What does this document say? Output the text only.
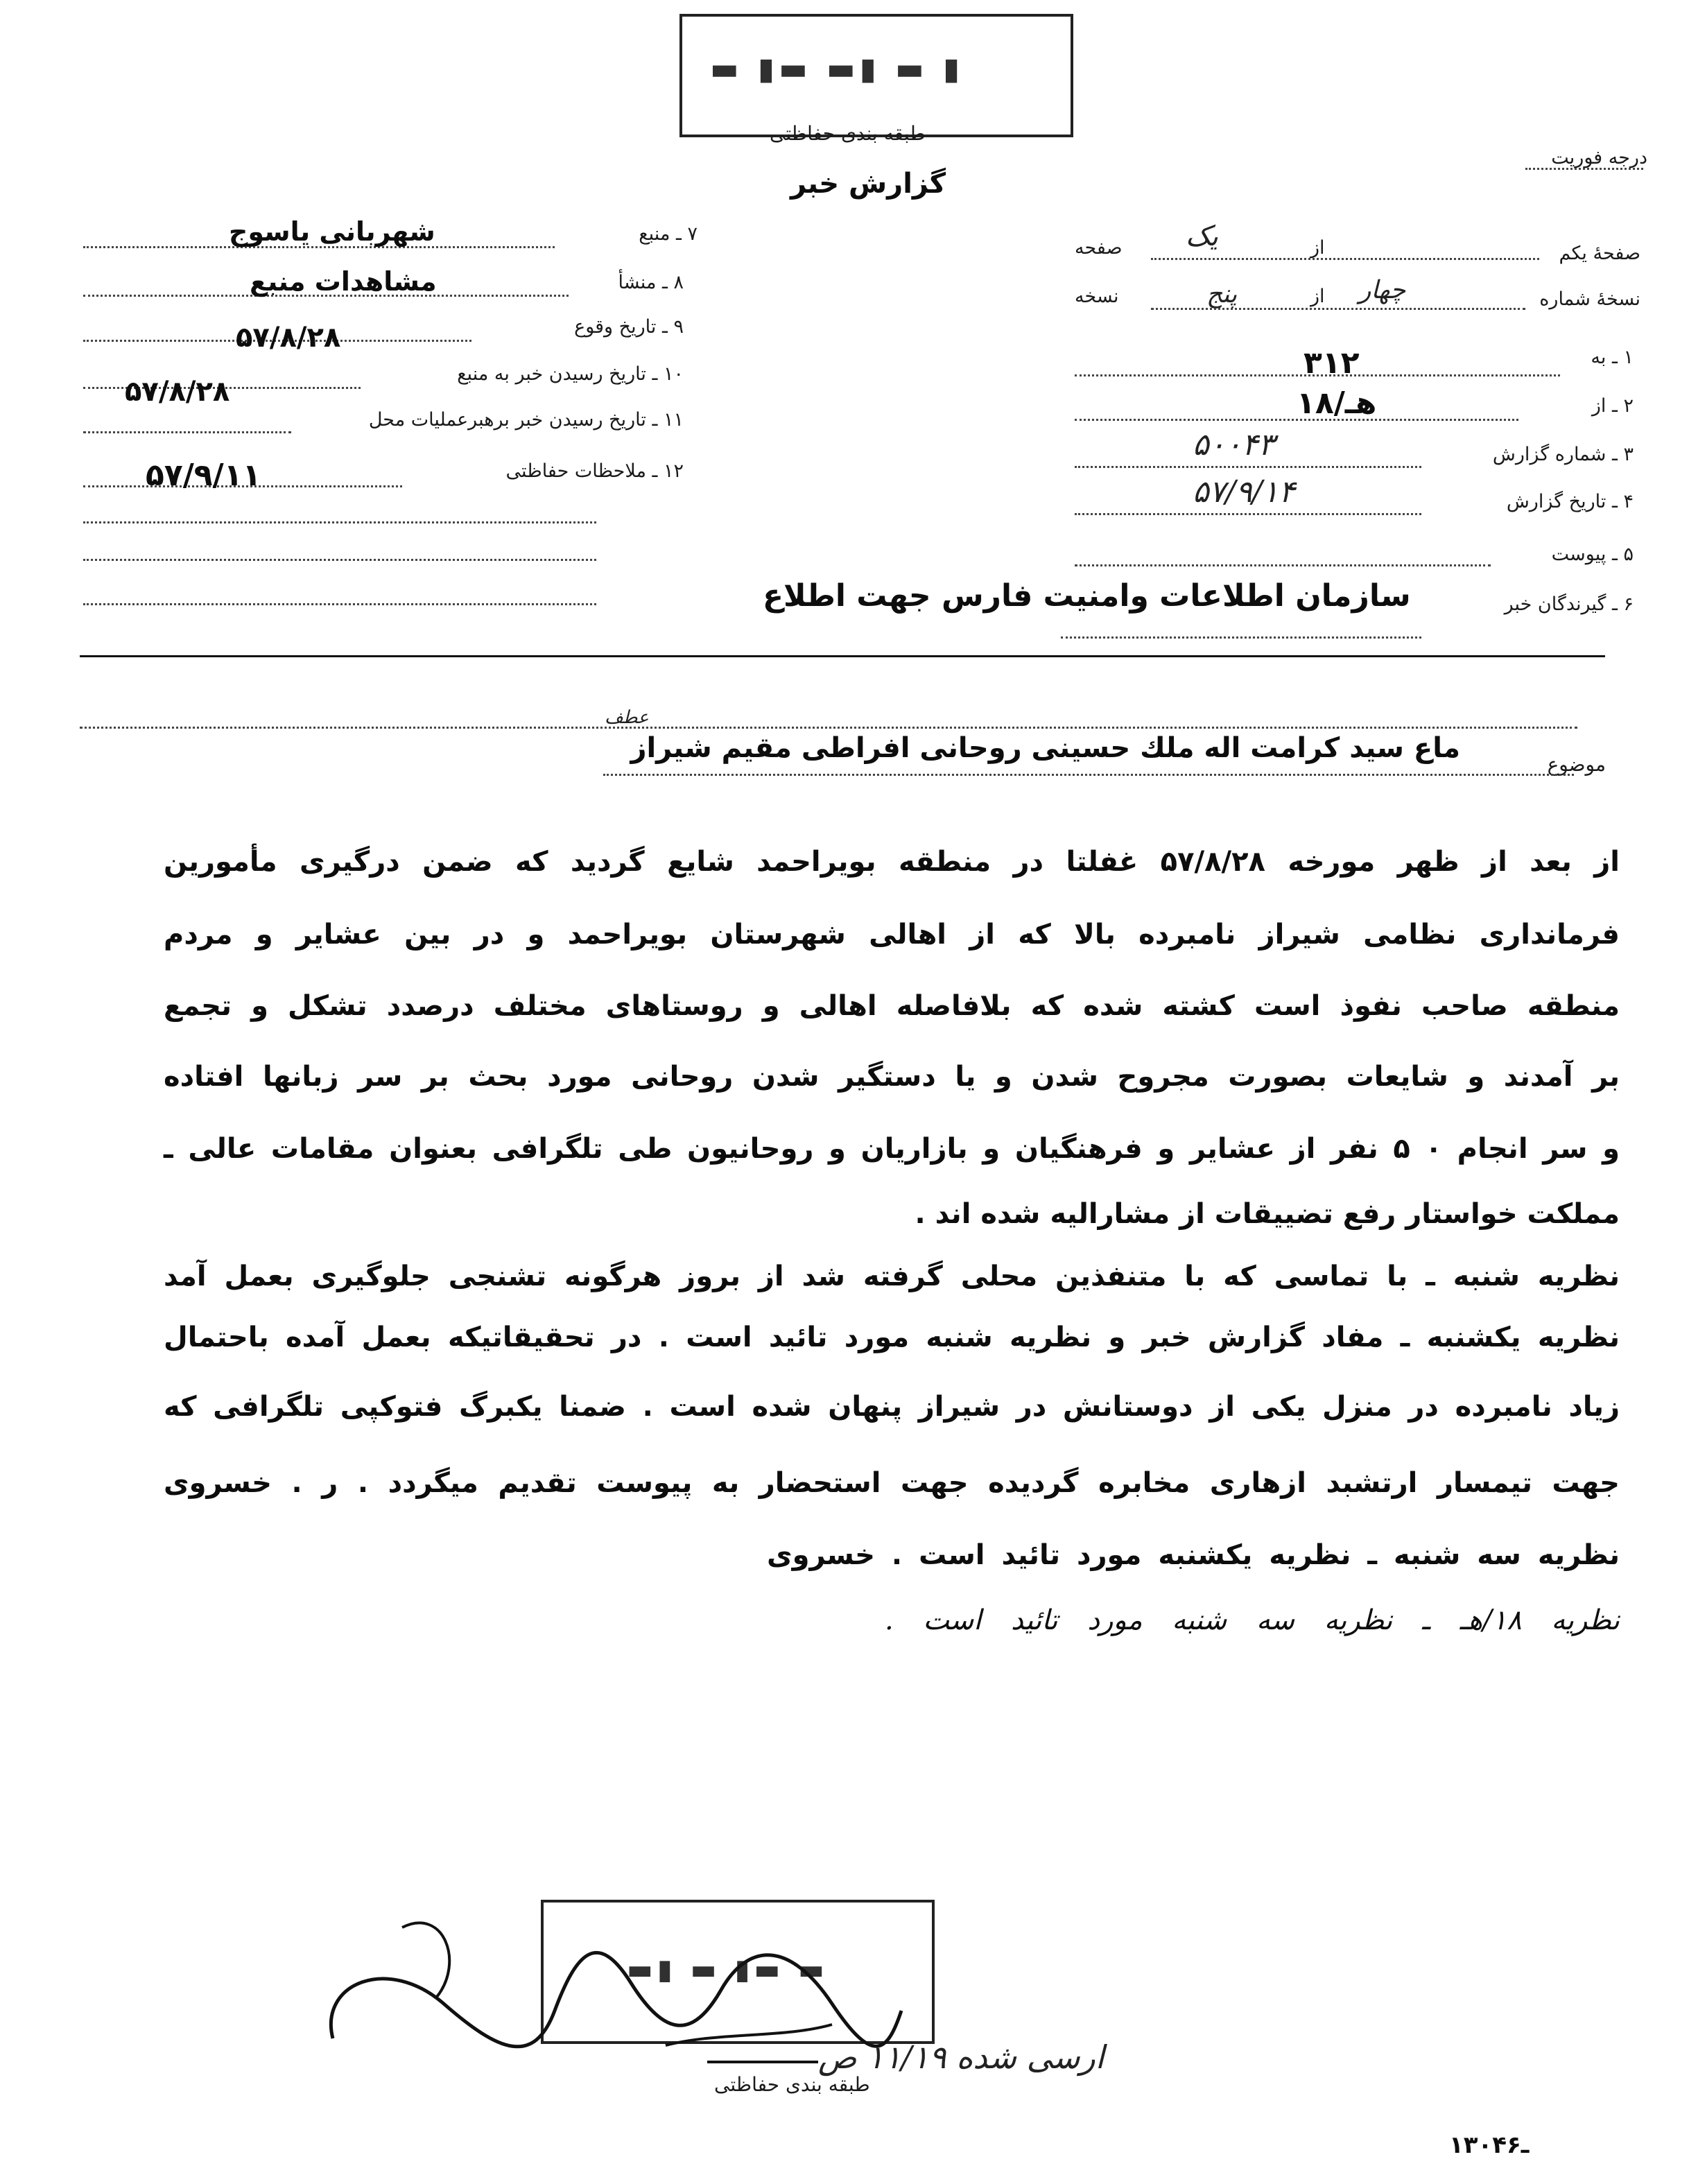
▬ ▮▬ ▬▮ ▬ ▮
طبقه بندی حفاظتی
درجه فوریت
گزارش خبر
۷ ـ منبع
شهربانی یاسوج
۸ ـ منشأ
مشاهدات منبع
۹ ـ تاریخ وقوع
۵۷/۸/۲۸
۱۰ ـ تاریخ رسیدن خبر به منبع
۱۱ ـ تاریخ رسیدن خبر برهبرعملیات محل
۵۷/۸/۲۸
۱۲ ـ ملاحظات حفاظتی
۵۷/۹/۱۱
صفحهٔ یکم
از
یک
صفحه
نسخهٔ شماره
چهار
از
پنج
نسخه
۱ ـ به
۳۱۲
۲ ـ از
هـ/۱۸
۳ ـ شماره گزارش
۵۰۰۴۳
۴ ـ تاریخ گزارش
۵۷/۹/۱۴
۵ ـ پیوست
۶ ـ گیرندگان خبر
سازمان اطلاعات وامنیت فارس جهت اطلاع
عطف
موضوع
ماع سید کرامت اله ملك حسینی روحانی افراطی مقیم شیراز
از بعد از ظهر مورخه ۵۷/۸/۲۸ غفلتا در منطقه بویراحمد شایع گردید که ضمن درگیری مأمورین
فرمانداری نظامی شیراز نامبرده بالا که از اهالی شهرستان بویراحمد و در بین عشایر و مردم
منطقه صاحب نفوذ است کشته شده که بلافاصله اهالی و روستاهای مختلف درصدد تشکل و تجمع
بر آمدند و شایعات بصورت مجروح شدن و یا دستگیر شدن روحانی مورد بحث بر سر زبانها افتاده
و سر انجام ۰ ۵ نفر از عشایر و فرهنگیان و بازاریان و روحانیون طی تلگرافی بعنوان مقامات عالی ـ
مملکت خواستار رفع تضییقات از مشارالیه شده اند .
نظریه شنبه ـ با تماسی که با متنفذین محلی گرفته شد از بروز هرگونه تشنجی جلوگیری بعمل آمد
نظریه یکشنبه ـ مفاد گزارش خبر و نظریه شنبه مورد تائید است . در تحقیقاتیکه بعمل آمده باحتمال
زیاد نامبرده در منزل یکی از دوستانش در شیراز پنهان شده است . ضمنا یکبرگ فتوکپی تلگرافی که
جهت تیمسار ارتشبد ازهاری مخابره گردیده جهت استحضار به پیوست تقدیم میگردد . ر . خسروی
نظریه سه شنبه ـ نظریه یکشنبه مورد تائید است . خسروی
نظریه ۱۸/هـ ـ نظریه سه شنبه مورد تائید است .
▬▮ ▬ ▮▬ ▬
طبقه بندی حفاظتی
ارسی شده ۱۱/۱۹ ص
۱۳۰ـ۴۶
